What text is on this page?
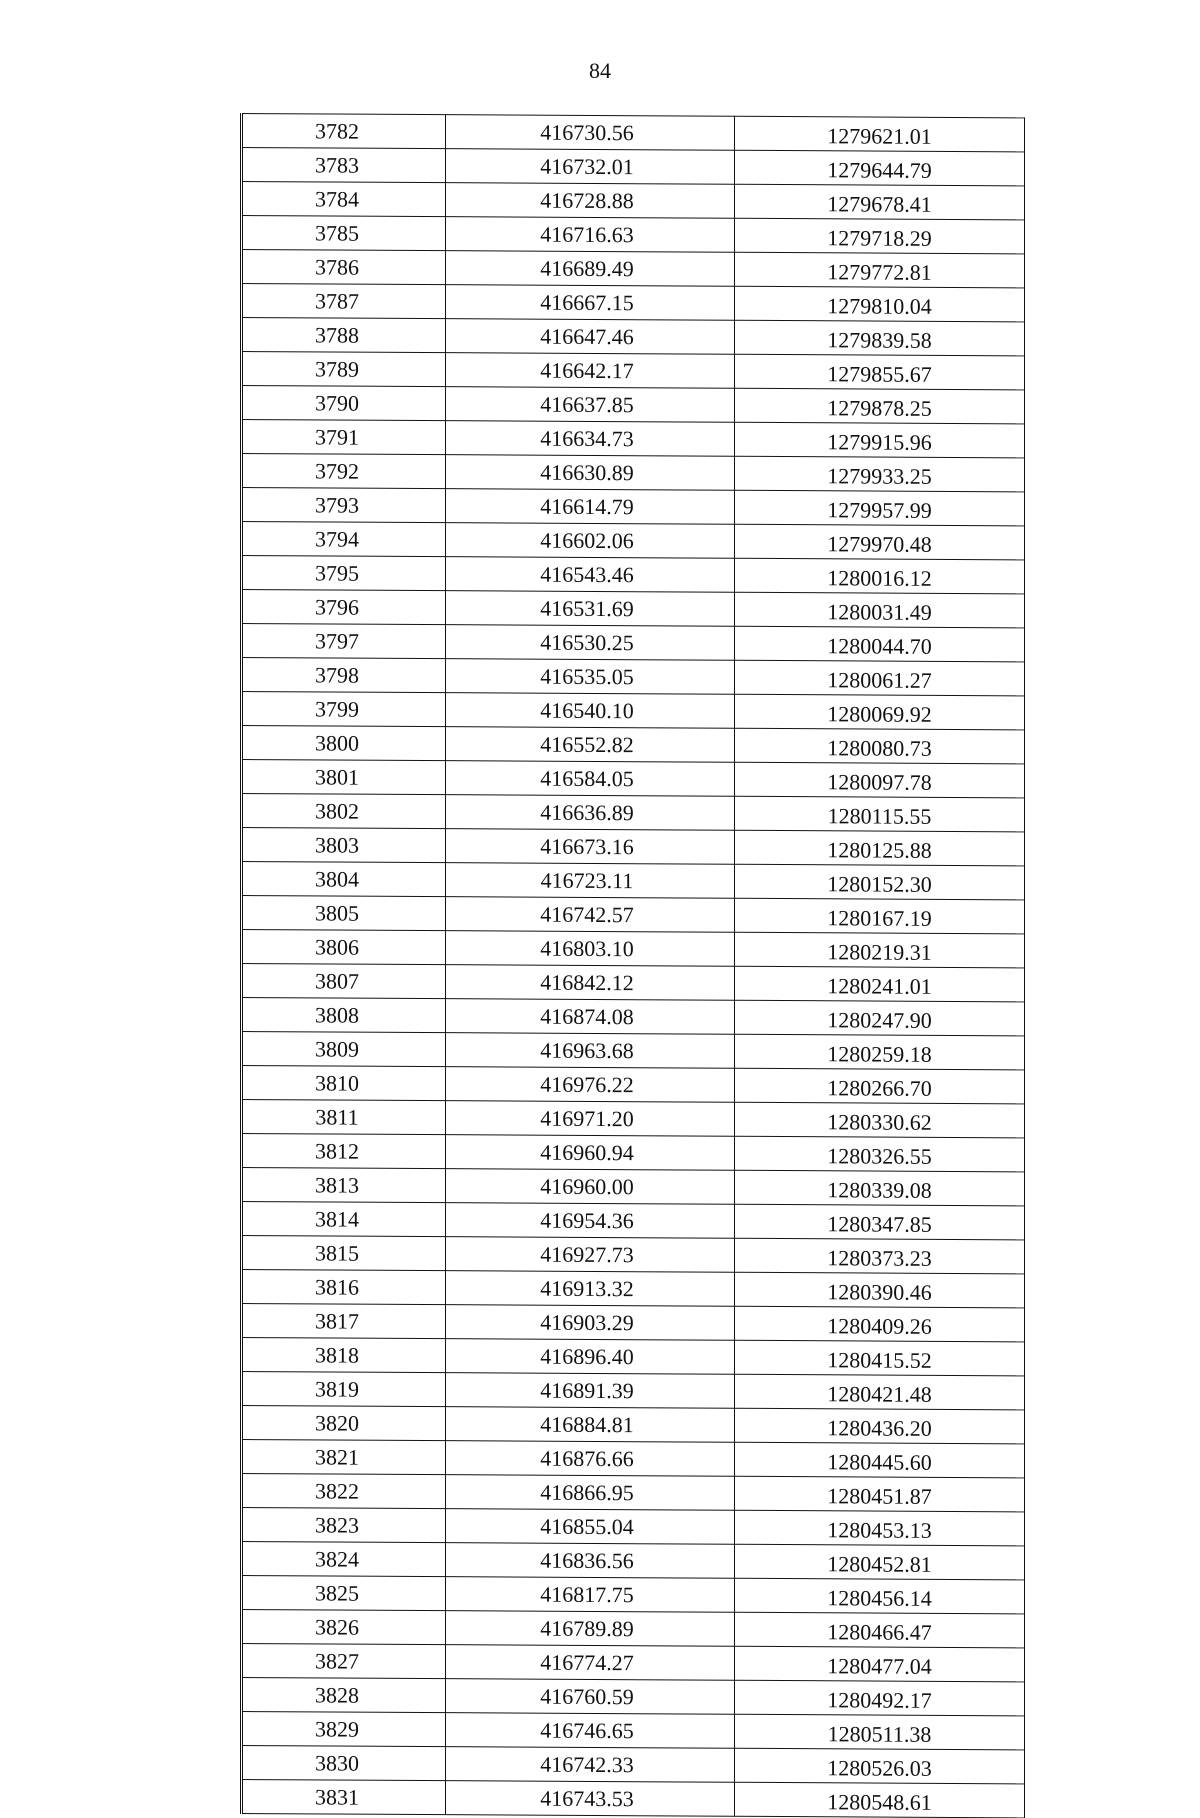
84
3782	416730.56	1279621.01
3783	416732.01	1279644.79
3784	416728.88	1279678.41
3785	416716.63	1279718.29
3786	416689.49	1279772.81
3787	416667.15	1279810.04
3788	416647.46	1279839.58
3789	416642.17	1279855.67
3790	416637.85	1279878.25
3791	416634.73	1279915.96
3792	416630.89	1279933.25
3793	416614.79	1279957.99
3794	416602.06	1279970.48
3795	416543.46	1280016.12
3796	416531.69	1280031.49
3797	416530.25	1280044.70
3798	416535.05	1280061.27
3799	416540.10	1280069.92
3800	416552.82	1280080.73
3801	416584.05	1280097.78
3802	416636.89	1280115.55
3803	416673.16	1280125.88
3804	416723.11	1280152.30
3805	416742.57	1280167.19
3806	416803.10	1280219.31
3807	416842.12	1280241.01
3808	416874.08	1280247.90
3809	416963.68	1280259.18
3810	416976.22	1280266.70
3811	416971.20	1280330.62
3812	416960.94	1280326.55
3813	416960.00	1280339.08
3814	416954.36	1280347.85
3815	416927.73	1280373.23
3816	416913.32	1280390.46
3817	416903.29	1280409.26
3818	416896.40	1280415.52
3819	416891.39	1280421.48
3820	416884.81	1280436.20
3821	416876.66	1280445.60
3822	416866.95	1280451.87
3823	416855.04	1280453.13
3824	416836.56	1280452.81
3825	416817.75	1280456.14
3826	416789.89	1280466.47
3827	416774.27	1280477.04
3828	416760.59	1280492.17
3829	416746.65	1280511.38
3830	416742.33	1280526.03
3831	416743.53	1280548.61
